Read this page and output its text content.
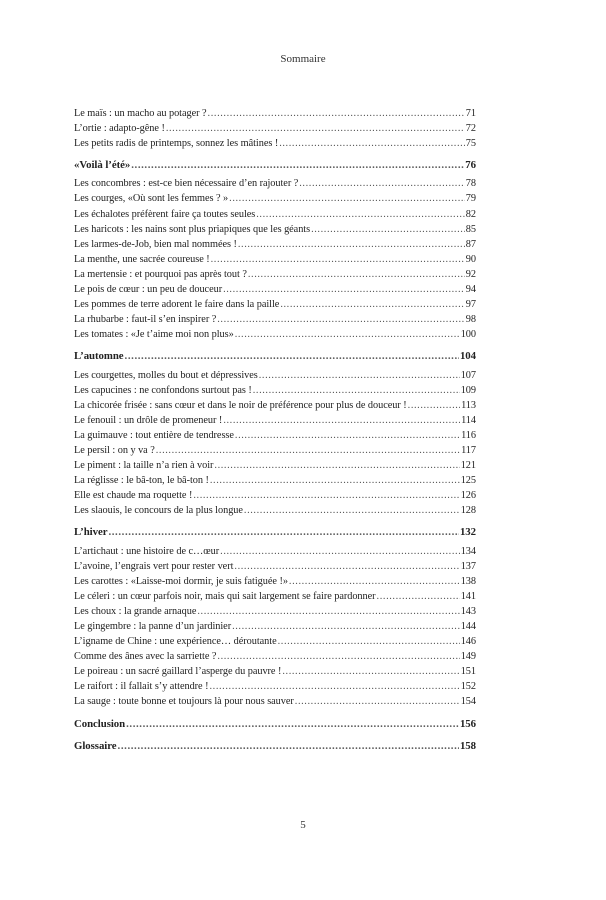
Sommaire
Le maïs : un macho au potager ? .....	71
L’ortie : adapto-gêne ! .....	72
Les petits radis de printemps, sonnez les mâtines ! .....	75
«Voilà l’été» .....	76
Les concombres : est-ce bien nécessaire d’en rajouter ? .....	78
Les courges, «Où sont les femmes ? » .....	79
Les échalotes préfèrent faire ça toutes seules .....	82
Les haricots : les nains sont plus priapiques que les géants .....	85
Les larmes-de-Job, bien mal nommées ! .....	87
La menthe, une sacrée coureuse ! .....	90
La mertensie : et pourquoi pas après tout ? .....	92
Le pois de cœur : un peu de douceur .....	94
Les pommes de terre adorent le faire dans la paille .....	97
La rhubarbe : faut-il s’en inspirer ? .....	98
Les tomates : «Je t’aime moi non plus» .....	100
L’automne .....	104
Les courgettes, molles du bout et dépressives .....	107
Les capucines : ne confondons surtout pas ! .....	109
La chicorée frisée : sans cœur et dans le noir de préférence pour plus de douceur ! .....	113
Le fenouil : un drôle de promeneur ! .....	114
La guimauve : tout entière de tendresse .....	116
Le persil : on y va ? .....	117
Le piment : la taille n’a rien à voir .....	121
La réglisse : le bâ-ton, le bâ-ton ! .....	125
Elle est chaude ma roquette ! .....	126
Les slaouis, le concours de la plus longue .....	128
L’hiver .....	132
L’artichaut : une histoire de c…œur .....	134
L’avoine, l’engrais vert pour rester vert .....	137
Les carottes : «Laisse-moi dormir, je suis fatiguée !» .....	138
Le céleri : un cœur parfois noir, mais qui sait largement se faire pardonner .....	141
Les choux : la grande arnaque .....	143
Le gingembre : la panne d’un jardinier .....	144
L’igname de Chine : une expérience… déroutante .....	146
Comme des ânes avec la sarriette ? .....	149
Le poireau : un sacré gaillard l’asperge du pauvre ! .....	151
Le raifort : il fallait s’y attendre ! .....	152
La sauge : toute bonne et toujours là pour nous sauver .....	154
Conclusion .....	156
Glossaire .....	158
5
